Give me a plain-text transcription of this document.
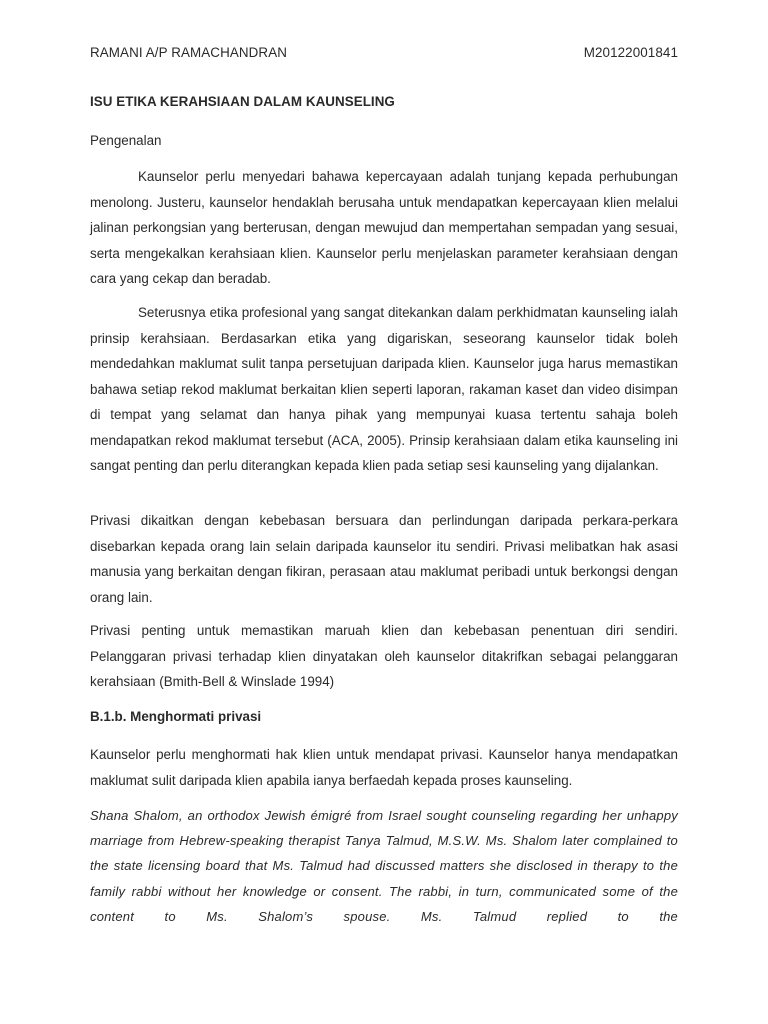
RAMANI A/P RAMACHANDRAN	M20122001841
ISU ETIKA KERAHSIAAN DALAM KAUNSELING
Pengenalan

Kaunselor perlu menyedari bahawa kepercayaan adalah tunjang kepada perhubungan menolong. Justeru, kaunselor hendaklah berusaha untuk mendapatkan kepercayaan klien melalui jalinan perkongsian yang berterusan, dengan mewujud dan mempertahan sempadan yang sesuai, serta mengekalkan kerahsiaan klien. Kaunselor perlu menjelaskan parameter kerahsiaan dengan cara yang cekap dan beradab.

Seterusnya etika profesional yang sangat ditekankan dalam perkhidmatan kaunseling ialah prinsip kerahsiaan. Berdasarkan etika yang digariskan, seseorang kaunselor tidak boleh mendedahkan maklumat sulit tanpa persetujuan daripada klien. Kaunselor juga harus memastikan bahawa setiap rekod maklumat berkaitan klien seperti laporan, rakaman kaset dan video disimpan di tempat yang selamat dan hanya pihak yang mempunyai kuasa tertentu sahaja boleh mendapatkan rekod maklumat tersebut (ACA, 2005). Prinsip kerahsiaan dalam etika kaunseling ini sangat penting dan perlu diterangkan kepada klien pada setiap sesi kaunseling yang dijalankan.

Privasi dikaitkan dengan kebebasan bersuara dan perlindungan daripada perkara-perkara disebarkan kepada orang lain selain daripada kaunselor itu sendiri. Privasi melibatkan hak asasi manusia yang berkaitan dengan fikiran, perasaan atau maklumat peribadi untuk berkongsi dengan orang lain.

Privasi penting untuk memastikan maruah klien dan kebebasan penentuan diri sendiri. Pelanggaran privasi terhadap klien dinyatakan oleh kaunselor ditakrifkan sebagai pelanggaran kerahsiaan (Bmith-Bell & Winslade 1994)

B.1.b. Menghormati privasi

Kaunselor perlu menghormati hak klien untuk mendapat privasi. Kaunselor hanya mendapatkan maklumat sulit daripada klien apabila ianya berfaedah kepada proses kaunseling.

Shana Shalom, an orthodox Jewish émigré from Israel sought counseling regarding her unhappy marriage from Hebrew-speaking therapist Tanya Talmud, M.S.W. Ms. Shalom later complained to the state licensing board that Ms. Talmud had discussed matters she disclosed in therapy to the family rabbi without her knowledge or consent. The rabbi, in turn, communicated some of the content to Ms. Shalom’s spouse. Ms. Talmud replied to the
